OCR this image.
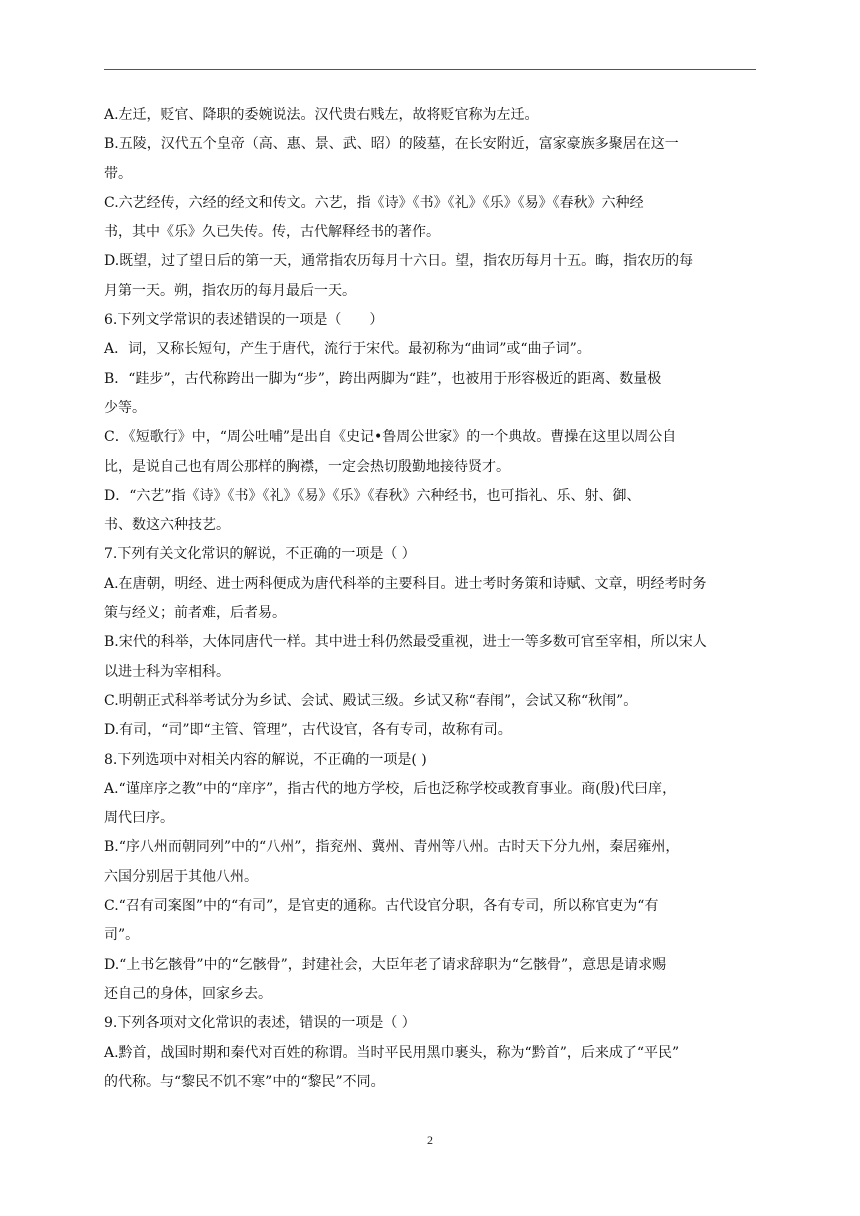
A.左迁，贬官、降职的委婉说法。汉代贵右贱左，故将贬官称为左迁。
B.五陵，汉代五个皇帝（高、惠、景、武、昭）的陵墓，在长安附近，富家豪族多聚居在这一
带。
C.六艺经传，六经的经文和传文。六艺，指《诗》《书》《礼》《乐》《易》《春秋》六种经
书，其中《乐》久已失传。传，古代解释经书的著作。
D.既望，过了望日后的第一天，通常指农历每月十六日。望，指农历每月十五。晦，指农历的每
月第一天。朔，指农历的每月最后一天。
6.下列文学常识的表述错误的一项是（　　）
A．词，又称长短句，产生于唐代，流行于宋代。最初称为“曲词”或“曲子词”。
B．“跬步”，古代称跨出一脚为“步”，跨出两脚为“跬”，也被用于形容极近的距离、数量极
少等。
C．《短歌行》中，“周公吐哺”是出自《史记•鲁周公世家》的一个典故。曹操在这里以周公自
比，是说自己也有周公那样的胸襟，一定会热切殷勤地接待贤才。
D．“六艺”指《诗》《书》《礼》《易》《乐》《春秋》六种经书，也可指礼、乐、射、御、
书、数这六种技艺。
7.下列有关文化常识的解说，不正确的一项是（ ）
A.在唐朝，明经、进士两科便成为唐代科举的主要科目。进士考时务策和诗赋、文章，明经考时务
策与经义；前者难，后者易。
B.宋代的科举，大体同唐代一样。其中进士科仍然最受重视，进士一等多数可官至宰相，所以宋人
以进士科为宰相科。
C.明朝正式科举考试分为乡试、会试、殿试三级。乡试又称“春闱”，会试又称“秋闱”。
D.有司，“司”即“主管、管理”，古代设官，各有专司，故称有司。
8.下列选项中对相关内容的解说，不正确的一项是( )
A.“谨庠序之教”中的“庠序”，指古代的地方学校，后也泛称学校或教育事业。商(殷)代曰庠，
周代曰序。
B.“序八州而朝同列”中的“八州”，指兖州、冀州、青州等八州。古时天下分九州，秦居雍州，
六国分别居于其他八州。
C.“召有司案图”中的“有司”，是官吏的通称。古代设官分职，各有专司，所以称官吏为“有
司”。
D.“上书乞骸骨”中的“乞骸骨”，封建社会，大臣年老了请求辞职为“乞骸骨”，意思是请求赐
还自己的身体，回家乡去。
9.下列各项对文化常识的表述，错误的一项是（ ）
A.黔首，战国时期和秦代对百姓的称谓。当时平民用黑巾裹头，称为“黔首”，后来成了“平民”
的代称。与“黎民不饥不寒”中的“黎民”不同。
2
